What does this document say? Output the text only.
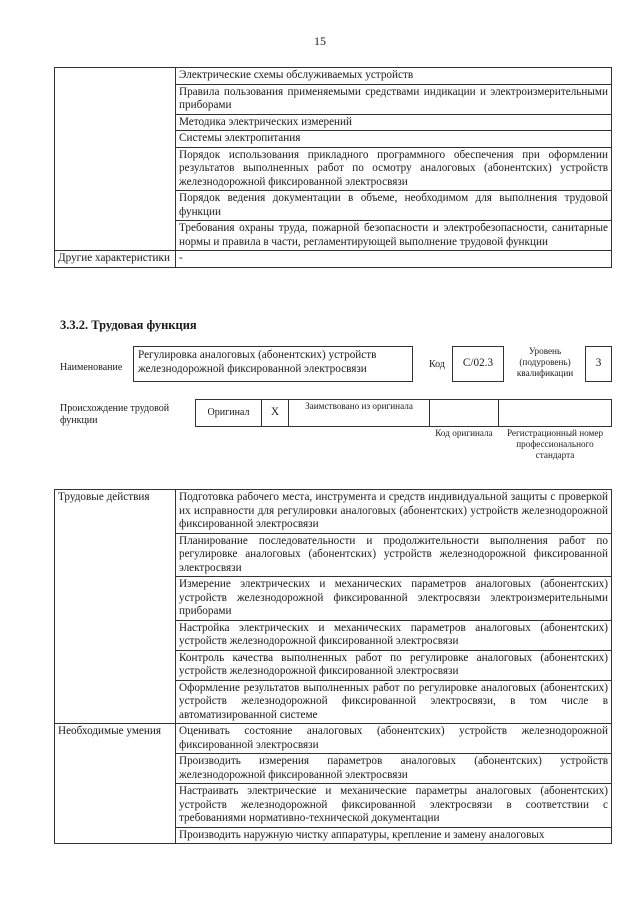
15
	Электрические схемы обслуживаемых устройств
	Правила пользования применяемыми средствами индикации и электроизмерительными приборами
	Методика электрических измерений
	Системы электропитания
	Порядок использования прикладного программного обеспечения при оформлении результатов выполненных работ по осмотру аналоговых (абонентских) устройств железнодорожной фиксированной электросвязи
	Порядок ведения документации в объеме, необходимом для выполнения трудовой функции
	Требования охраны труда, пожарной безопасности и электробезопасности, санитарные нормы и правила в части, регламентирующей выполнение трудовой функции
Другие характеристики	-
3.3.2. Трудовая функция
Наименование
Регулировка аналоговых (абонентских) устройств железнодорожной фиксированной электросвязи	Код	С/02.3
Уровень (подуровень) квалификации
3
Происхождение трудовой функции
Оригинал	X
Заимствовано из оригинала
Код оригинала	Регистрационный номер профессионального стандарта
Трудовые действия	Подготовка рабочего места, инструмента и средств индивидуальной защиты с проверкой их исправности для регулировки аналоговых (абонентских) устройств железнодорожной фиксированной электросвязи
	Планирование последовательности и продолжительности выполнения работ по регулировке аналоговых (абонентских) устройств железнодорожной фиксированной электросвязи
	Измерение электрических и механических параметров аналоговых (абонентских) устройств железнодорожной фиксированной электросвязи электроизмерительными приборами
	Настройка электрических и механических параметров аналоговых (абонентских) устройств железнодорожной фиксированной электросвязи
	Контроль качества выполненных работ по регулировке аналоговых (абонентских) устройств железнодорожной фиксированной электросвязи
	Оформление результатов выполненных работ по регулировке аналоговых (абонентских) устройств железнодорожной фиксированной электросвязи, в том числе в автоматизированной системе
Необходимые умения	Оценивать состояние аналоговых (абонентских) устройств железнодорожной фиксированной электросвязи
	Производить измерения параметров аналоговых (абонентских) устройств железнодорожной фиксированной электросвязи
	Настраивать электрические и механические параметры аналоговых (абонентских) устройств железнодорожной фиксированной электросвязи в соответствии с требованиями нормативно-технической документации
	Производить наружную чистку аппаратуры, крепление и замену аналоговых
